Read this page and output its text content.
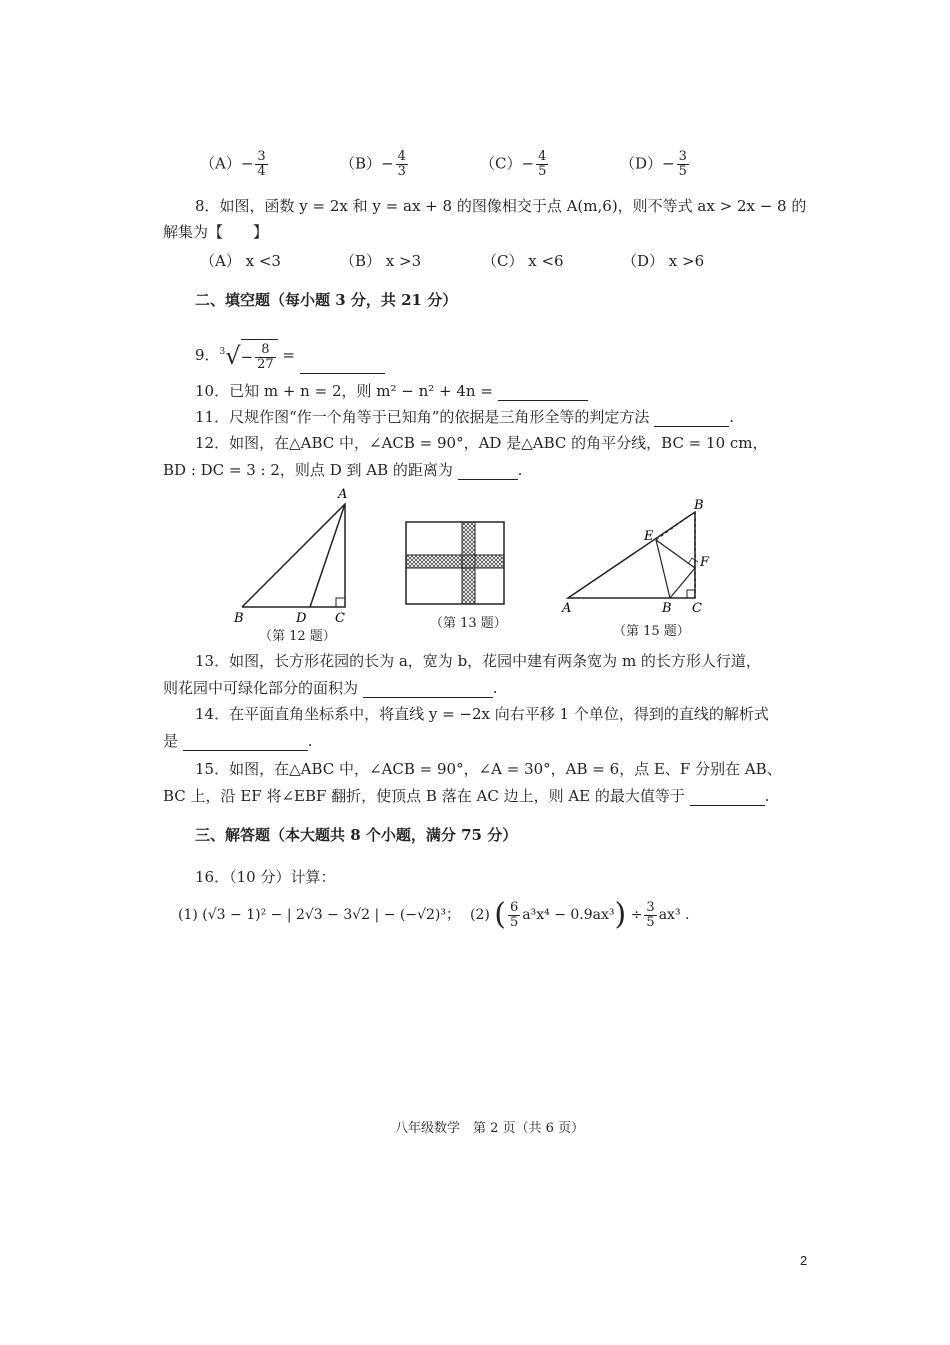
$(A)- \frac{3}{4}$	$(B)- \frac{4}{3}$	$(C)- \frac{4}{5}$	$(D)- \frac{3}{5}$
8．如图，函数 y = 2x 和 y = ax + 8 的图像相交于点 A(m,6)，则不等式 ax > 2x − 8 的
解集为【　　】
（A） x <3	（B） x >3	（C） x <6	（D） x >6
二、填空题（每小题 3 分，共 21 分）
9．$^3√- \frac{8}{27}$ =
10．已知 m + n = 2，则 m² − n² + 4n =
11．尺规作图“作一个角等于已知角”的依据是三角形全等的判定方法	.
12．如图，在△ABC 中，∠ACB = 90°，AD 是△ABC 的角平分线，BC = 10 cm，
BD : DC = 3 : 2，则点 D 到 AB 的距离为	.
A
B	D C
（第 12 题）
（第 13 题）
B
E
F
A	B C
（第 15 题）
13．如图，长方形花园的长为 a，宽为 b，花园中建有两条宽为 m 的长方形人行道，
则花园中可绿化部分的面积为	.
14．在平面直角坐标系中，将直线 y = −2x 向右平移 1 个单位，得到的直线的解析式
是	.
15．如图，在△ABC 中，∠ACB = 90°，∠A = 30°，AB = 6，点 E、F 分别在 AB、
BC 上，沿 EF 将∠EBF 翻折，使顶点 B 落在 AC 边上，则 AE 的最大值等于	.
三、解答题（本大题共 8 个小题，满分 75 分）
16．（10 分）计算：
(1) (√3 − 1)² − | 2√3 − 3√2 | − (−√2)³； (2) ( $\frac{6}{5} a^3x^4 - 0.9ax^3) \div \frac{3}{5} ax^3$ .
八年级数学　第 2 页（共 6 页）
2
